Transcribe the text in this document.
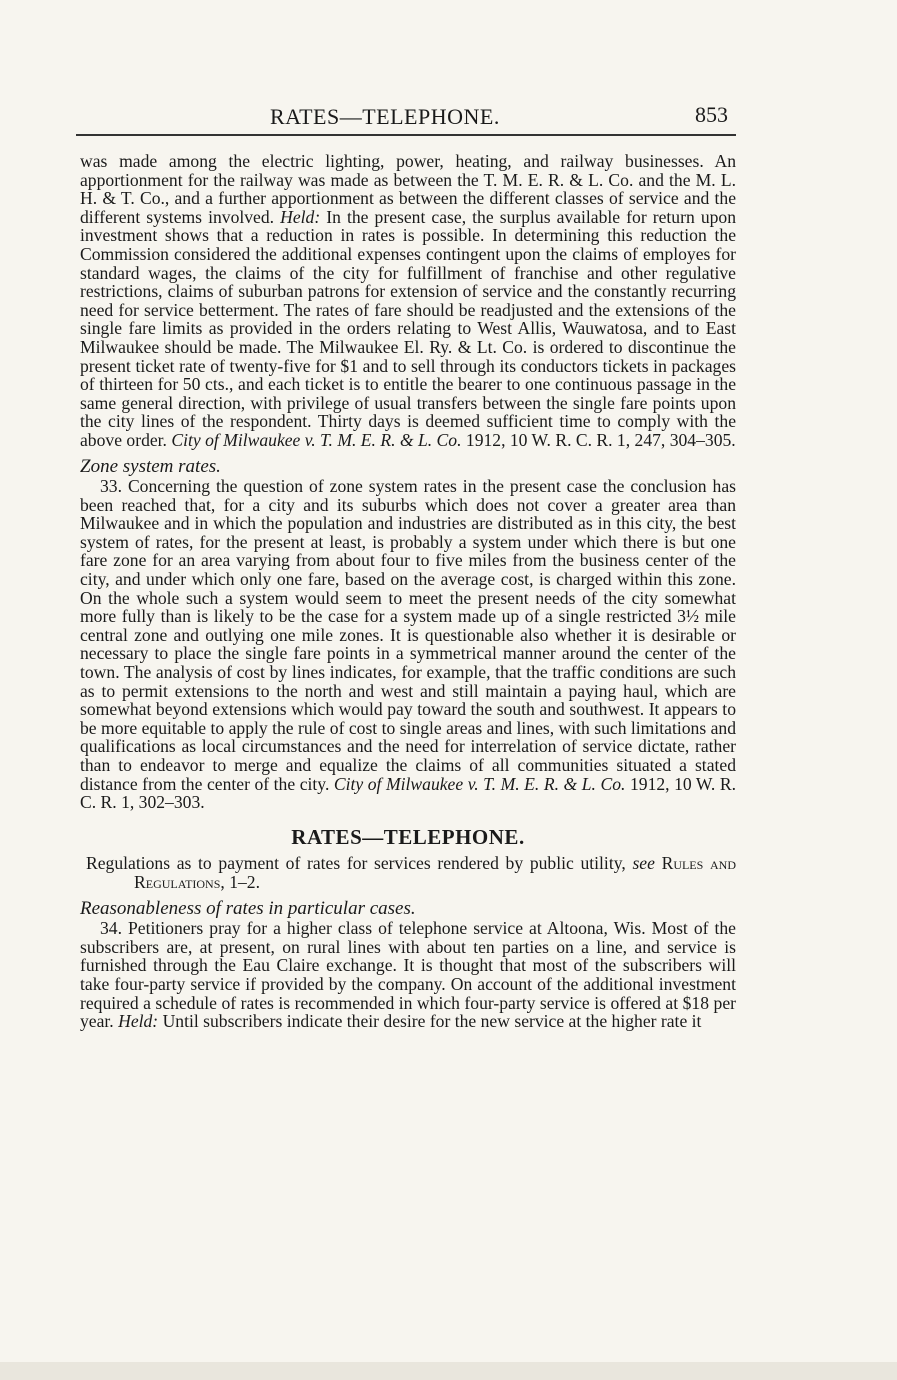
RATES—TELEPHONE.	853

was made among the electric lighting, power, heating, and railway businesses. An apportionment for the railway was made as between the T. M. E. R. & L. Co. and the M. L. H. & T. Co., and a further apportionment as between the different classes of service and the different systems involved. Held: In the present case, the surplus available for return upon investment shows that a reduction in rates is possible. In determining this reduction the Commission considered the additional expenses contingent upon the claims of employes for standard wages, the claims of the city for fulfillment of franchise and other regulative restrictions, claims of suburban patrons for extension of service and the constantly recurring need for service betterment. The rates of fare should be readjusted and the extensions of the single fare limits as provided in the orders relating to West Allis, Wauwatosa, and to East Milwaukee should be made. The Milwaukee El. Ry. & Lt. Co. is ordered to discontinue the present ticket rate of twenty-five for $1 and to sell through its conductors tickets in packages of thirteen for 50 cts., and each ticket is to entitle the bearer to one continuous passage in the same general direction, with privilege of usual transfers between the single fare points upon the city lines of the respondent. Thirty days is deemed sufficient time to comply with the above order. City of Milwaukee v. T. M. E. R. & L. Co. 1912, 10 W. R. C. R. 1, 247, 304–305.

Zone system rates.

33. Concerning the question of zone system rates in the present case the conclusion has been reached that, for a city and its suburbs which does not cover a greater area than Milwaukee and in which the population and industries are distributed as in this city, the best system of rates, for the present at least, is probably a system under which there is but one fare zone for an area varying from about four to five miles from the business center of the city, and under which only one fare, based on the average cost, is charged within this zone. On the whole such a system would seem to meet the present needs of the city somewhat more fully than is likely to be the case for a system made up of a single restricted 3½ mile central zone and outlying one mile zones. It is questionable also whether it is desirable or necessary to place the single fare points in a symmetrical manner around the center of the town. The analysis of cost by lines indicates, for example, that the traffic conditions are such as to permit extensions to the north and west and still maintain a paying haul, which are somewhat beyond extensions which would pay toward the south and southwest. It appears to be more equitable to apply the rule of cost to single areas and lines, with such limitations and qualifications as local circumstances and the need for interrelation of service dictate, rather than to endeavor to merge and equalize the claims of all communities situated a stated distance from the center of the city. City of Milwaukee v. T. M. E. R. & L. Co. 1912, 10 W. R. C. R. 1, 302–303.

RATES—TELEPHONE.

Regulations as to payment of rates for services rendered by public utility, see Rules and Regulations, 1–2.

Reasonableness of rates in particular cases.

34. Petitioners pray for a higher class of telephone service at Altoona, Wis. Most of the subscribers are, at present, on rural lines with about ten parties on a line, and service is furnished through the Eau Claire exchange. It is thought that most of the subscribers will take four-party service if provided by the company. On account of the additional investment required a schedule of rates is recommended in which four-party service is offered at $18 per year. Held: Until subscribers indicate their desire for the new service at the higher rate it
